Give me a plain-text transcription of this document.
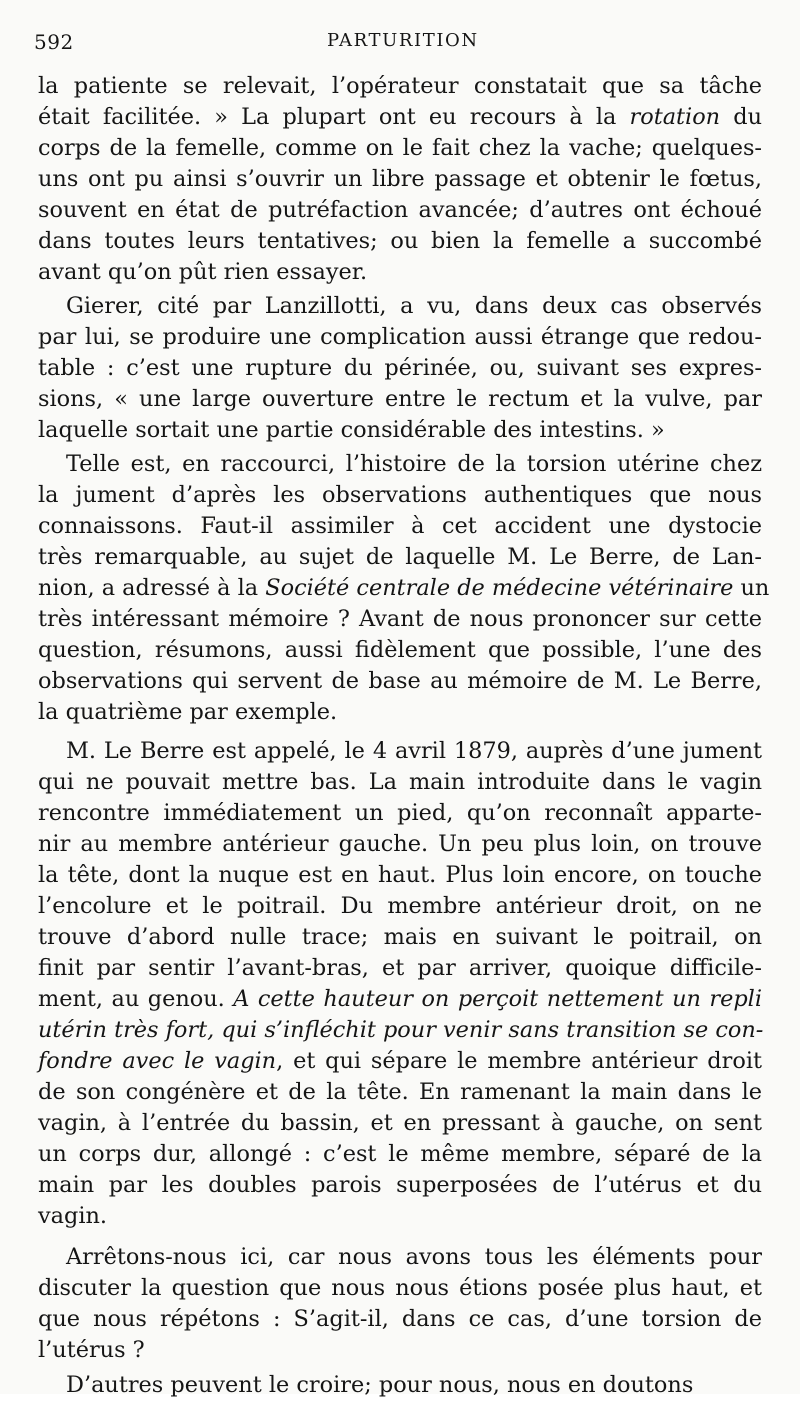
592	PARTURITION
la patiente se relevait, l’opérateur constatait que sa tâche
était facilitée. » La plupart ont eu recours à la rotation du
corps de la femelle, comme on le fait chez la vache; quelques-
uns ont pu ainsi s’ouvrir un libre passage et obtenir le fœtus,
souvent en état de putréfaction avancée; d’autres ont échoué
dans toutes leurs tentatives; ou bien la femelle a succombé
avant qu’on pût rien essayer.
Gierer, cité par Lanzillotti, a vu, dans deux cas observés
par lui, se produire une complication aussi étrange que redou-
table : c’est une rupture du périnée, ou, suivant ses expres-
sions, « une large ouverture entre le rectum et la vulve, par
laquelle sortait une partie considérable des intestins. »
Telle est, en raccourci, l’histoire de la torsion utérine chez
la jument d’après les observations authentiques que nous
connaissons. Faut-il assimiler à cet accident une dystocie
très remarquable, au sujet de laquelle M. Le Berre, de Lan-
nion, a adressé à la Société centrale de médecine vétérinaire un
très intéressant mémoire ? Avant de nous prononcer sur cette
question, résumons, aussi fidèlement que possible, l’une des
observations qui servent de base au mémoire de M. Le Berre,
la quatrième par exemple.
M. Le Berre est appelé, le 4 avril 1879, auprès d’une jument
qui ne pouvait mettre bas. La main introduite dans le vagin
rencontre immédiatement un pied, qu’on reconnaît apparte-
nir au membre antérieur gauche. Un peu plus loin, on trouve
la tête, dont la nuque est en haut. Plus loin encore, on touche
l’encolure et le poitrail. Du membre antérieur droit, on ne
trouve d’abord nulle trace; mais en suivant le poitrail, on
finit par sentir l’avant-bras, et par arriver, quoique difficile-
ment, au genou. A cette hauteur on perçoit nettement un repli
utérin très fort, qui s’infléchit pour venir sans transition se con-
fondre avec le vagin, et qui sépare le membre antérieur droit
de son congénère et de la tête. En ramenant la main dans le
vagin, à l’entrée du bassin, et en pressant à gauche, on sent
un corps dur, allongé : c’est le même membre, séparé de la
main par les doubles parois superposées de l’utérus et du
vagin.
Arrêtons-nous ici, car nous avons tous les éléments pour
discuter la question que nous nous étions posée plus haut, et
que nous répétons : S’agit-il, dans ce cas, d’une torsion de
l’utérus ?
D’autres peuvent le croire; pour nous, nous en doutons
